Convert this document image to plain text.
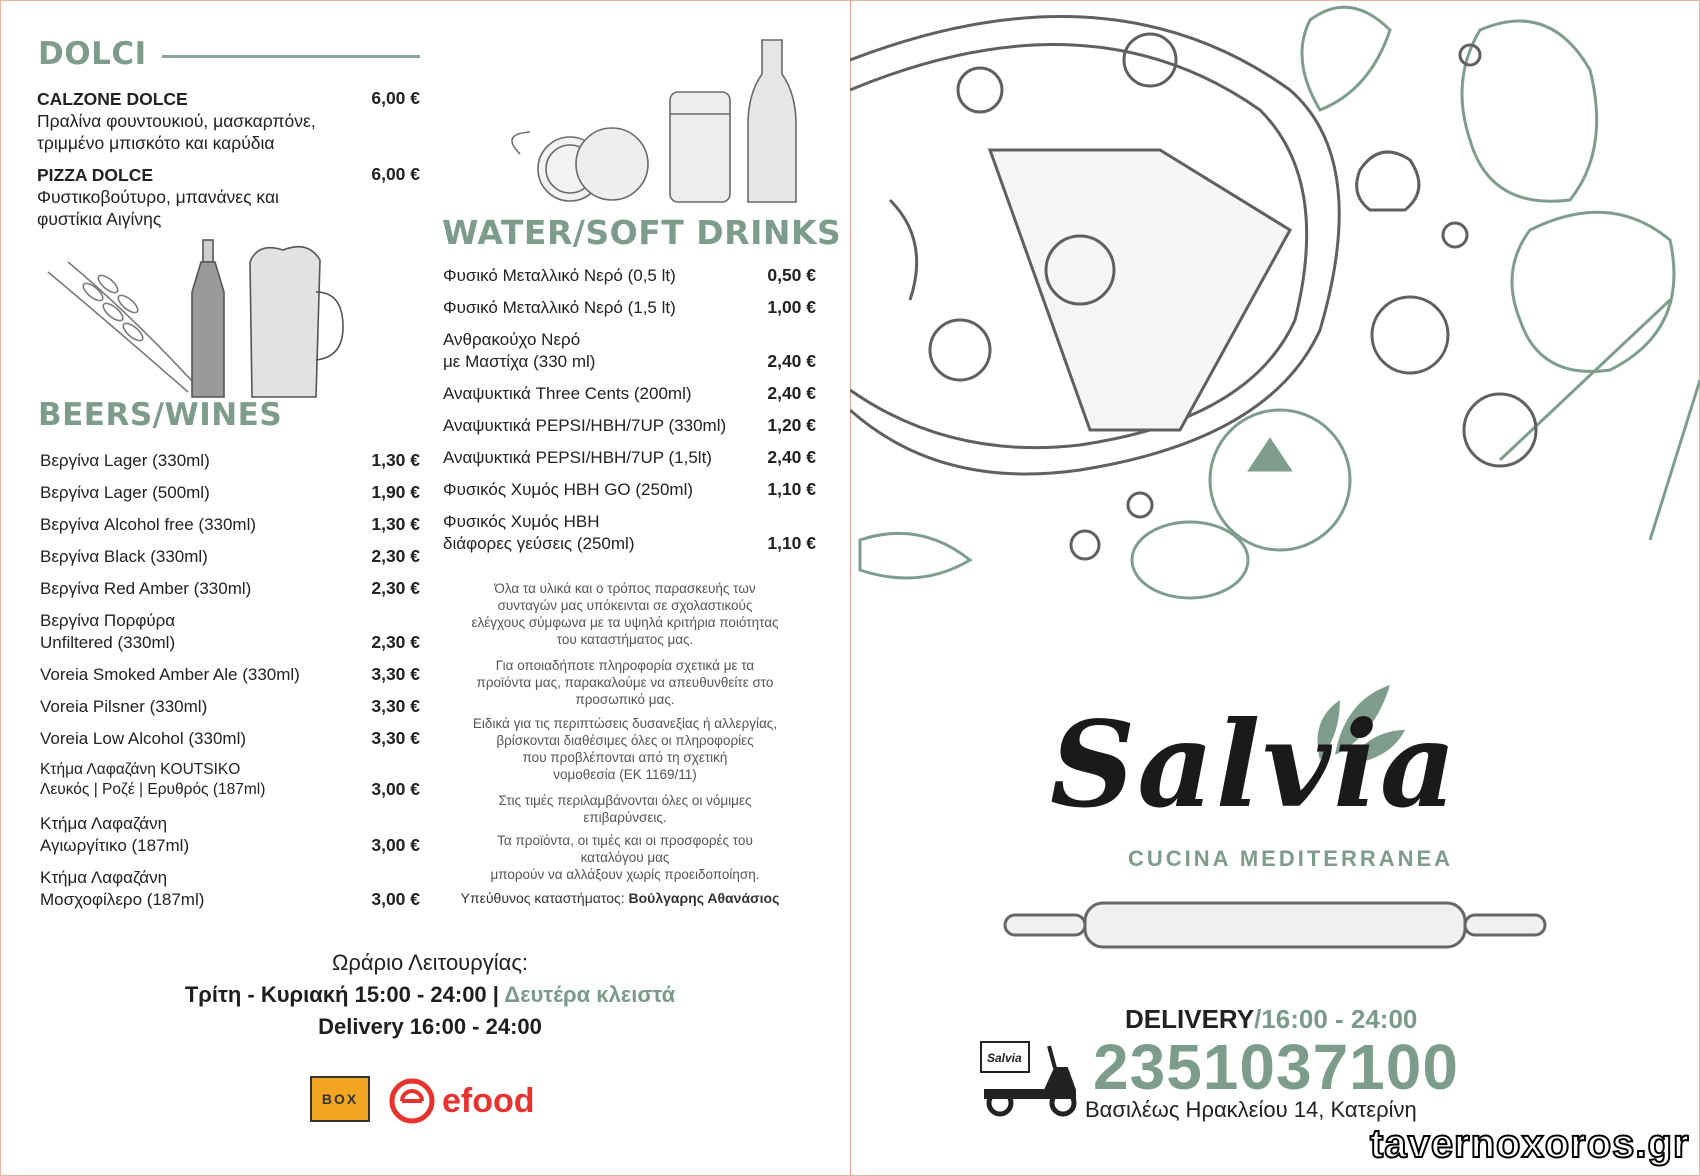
DOLCI
CALZONE DOLCE
Πραλίνα φουντουκιού, μασκαρπόνε,
τριμμένο μπισκότο και καρύδια
6,00 €
PIZZA DOLCE
Φυστικοβούτυρο, μπανάνες και
φυστίκια Αιγίνης
6,00 €
BEERS/WINES
Βεργίνα Lager (330ml)	1,30 €
Βεργίνα Lager (500ml)	1,90 €
Βεργίνα Alcohol free (330ml)	1,30 €
Βεργίνα Black (330ml)	2,30 €
Βεργίνα Red Amber (330ml)	2,30 €
Βεργίνα Πορφύρα
Unfiltered (330ml)	2,30 €
Voreia Smoked Amber Ale (330ml)	3,30 €
Voreia Pilsner (330ml)	3,30 €
Voreia Low Alcohol (330ml)	3,30 €
Κτήμα Λαφαζάνη KOUTSIKO
Λευκός | Ροζέ | Ερυθρός (187ml)	3,00 €
Κτήμα Λαφαζάνη
Αγιωργίτικο (187ml)	3,00 €
Κτήμα Λαφαζάνη
Μοσχοφίλερο (187ml)	3,00 €
WATER/SOFT DRINKS
Φυσικό Μεταλλικό Νερό (0,5 lt)	0,50 €
Φυσικό Μεταλλικό Νερό (1,5 lt)	1,00 €
Ανθρακούχο Νερό
με Μαστίχα (330 ml)	2,40 €
Αναψυκτικά Three Cents (200ml)	2,40 €
Αναψυκτικά PEPSI/ΗΒΗ/7UP (330ml)	1,20 €
Αναψυκτικά PEPSI/ΗΒΗ/7UP (1,5lt)	2,40 €
Φυσικός Χυμός ΗΒΗ GO (250ml)	1,10 €
Φυσικός Χυμός ΗΒΗ
διάφορες γεύσεις (250ml)	1,10 €
Όλα τα υλικά και ο τρόπος παρασκευής των
συνταγών μας υπόκεινται σε σχολαστικούς
ελέγχους σύμφωνα με τα υψηλά κριτήρια ποιότητας
του καταστήματος μας.
Για οποιαδήποτε πληροφορία σχετικά με τα
προϊόντα μας, παρακαλούμε να απευθυνθείτε στο
προσωπικό μας.
Ειδικά για τις περιπτώσεις δυσανεξίας ή αλλεργίας,
βρίσκονται διαθέσιμες όλες οι πληροφορίες
που προβλέπονται από τη σχετική
νομοθεσία (ΕΚ 1169/11)
Στις τιμές περιλαμβάνονται όλες οι νόμιμες
επιβαρύνσεις.
Τα προϊόντα, οι τιμές και οι προσφορές του
καταλόγου μας
μπορούν να αλλάξουν χωρίς προειδοποίηση.
Υπεύθυνος καταστήματος: Βούλγαρης Αθανάσιος
Ωράριο Λειτουργίας:
Τρίτη - Κυριακή 15:00 - 24:00 | Δευτέρα κλειστά
Delivery 16:00 - 24:00
BOX efood
Salvia
CUCINA MEDITERRANEA
DELIVERY/16:00 - 24:00
2351037100
Salvia
Βασιλέως Ηρακλείου 14, Κατερίνη
tavernoxoros.gr
